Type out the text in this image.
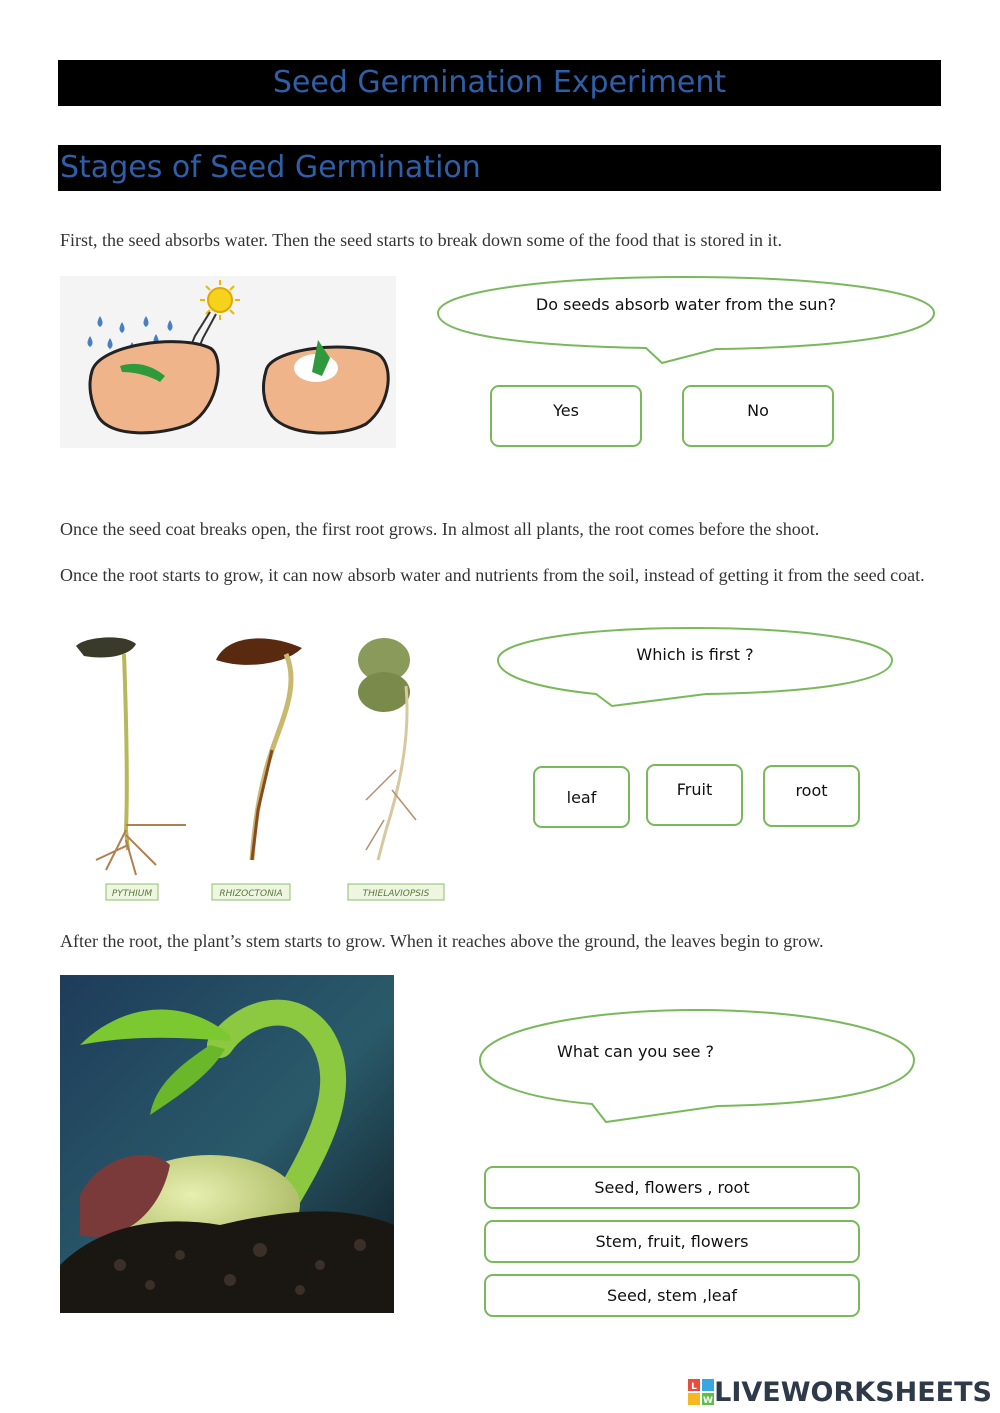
Seed Germination Experiment
Stages of Seed Germination
First, the seed absorbs water. Then the seed starts to break down some of the food that is stored in it.
Do seeds absorb water from the sun?
Yes	No
Once the seed coat breaks open, the first root grows. In almost all plants, the root comes before the shoot.
Once the root starts to grow, it can now absorb water and nutrients from the soil, instead of getting it from the seed coat.
PYTHIUM	RHIZOCTONIA	THIELAVIOPSIS
Which is first ?
leaf	Fruit	root
After the root, the plant’s stem starts to grow. When it reaches above the ground, the leaves begin to grow.
What can you see ?
Seed, flowers , root
Stem, fruit, flowers
Seed, stem ,leaf
L
W LIVEWORKSHEETS
